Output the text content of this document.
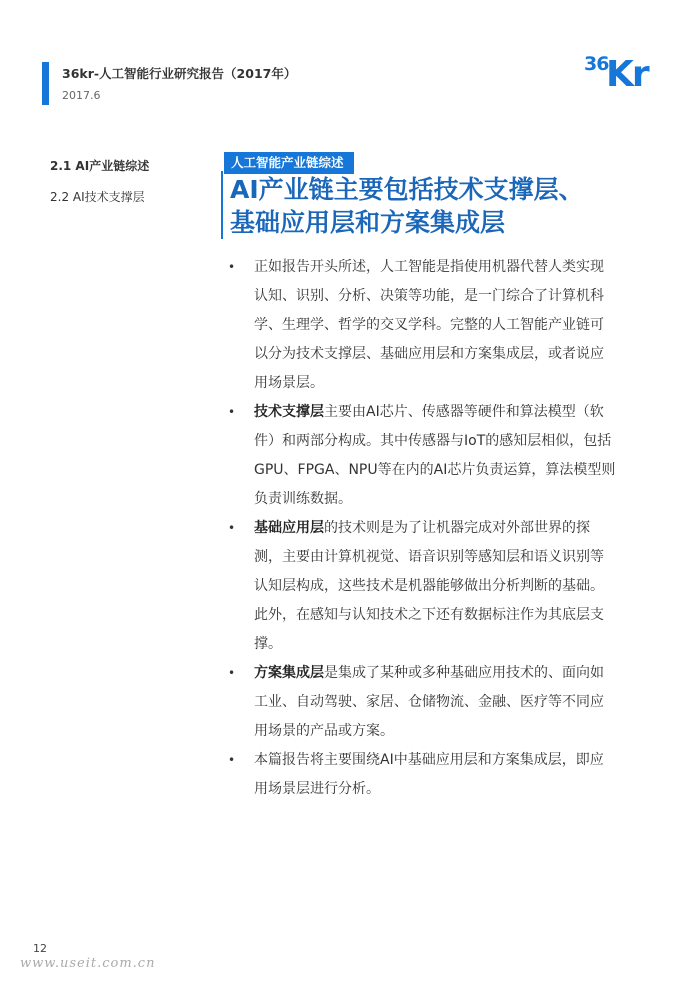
36kr-人工智能行业研究报告（2017年）
2017.6
36
Kr
2.1 AI产业链综述
2.2 AI技术支撑层
人工智能产业链综述
AI产业链主要包括技术支撑层、
基础应用层和方案集成层
• 正如报告开头所述，人工智能是指使用机器代替人类实现认知、识别、分析、决策等功能，是一门综合了计算机科学、生理学、哲学的交叉学科。完整的人工智能产业链可以分为技术支撑层、基础应用层和方案集成层，或者说应用场景层。
• 技术支撑层主要由AI芯片、传感器等硬件和算法模型（软件）和两部分构成。其中传感器与IoT的感知层相似，包括GPU、FPGA、NPU等在内的AI芯片负责运算，算法模型则负责训练数据。
• 基础应用层的技术则是为了让机器完成对外部世界的探测，主要由计算机视觉、语音识别等感知层和语义识别等认知层构成，这些技术是机器能够做出分析判断的基础。此外，在感知与认知技术之下还有数据标注作为其底层支撑。
• 方案集成层是集成了某种或多种基础应用技术的、面向如工业、自动驾驶、家居、仓储物流、金融、医疗等不同应用场景的产品或方案。
• 本篇报告将主要围绕AI中基础应用层和方案集成层，即应用场景层进行分析。
12
www.useit.com.cn
